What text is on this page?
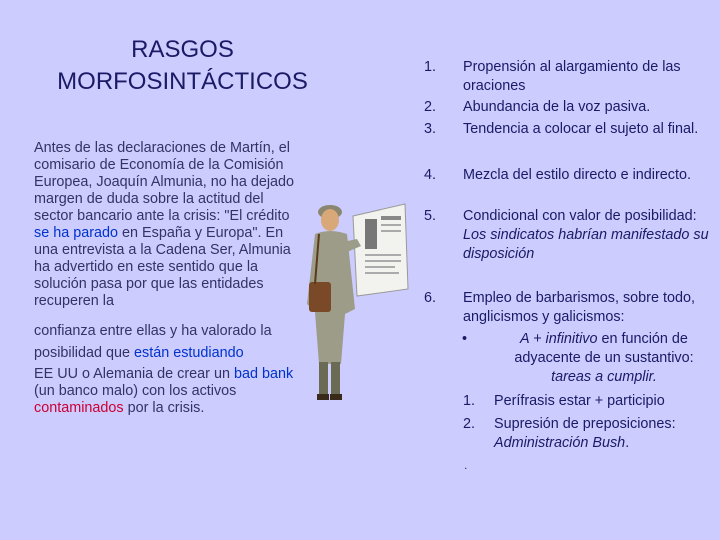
RASGOS
MORFOSINTÁCTICOS

Antes de las declaraciones de Martín, el comisario de Economía de la Comisión Europea, Joaquín Almunia, no ha dejado margen de duda sobre la actitud del sector bancario ante la crisis: "El crédito se ha parado en España y Europa". En una entrevista a la Cadena Ser, Almunia ha advertido en este sentido que la solución pasa por que las entidades recuperen la

confianza entre ellas y ha valorado la posibilidad que están estudiando

EE UU o Alemania de crear un bad bank (un banco malo) con los activos contaminados por la crisis.

1.	Propensión al alargamiento de las oraciones
2.	Abundancia de la voz pasiva.
3.	Tendencia a colocar el sujeto al final.
4.	Mezcla del estilo directo e indirecto.
5.	Condicional con valor de posibilidad: Los sindicatos habrían manifestado su disposición
6.	Empleo de barbarismos, sobre todo, anglicismos y galicismos:
•	A + infinitivo en función de adyacente de un sustantivo: tareas a cumplir.
1. Perífrasis estar + participio
2. Supresión de preposiciones: Administración Bush.
.
